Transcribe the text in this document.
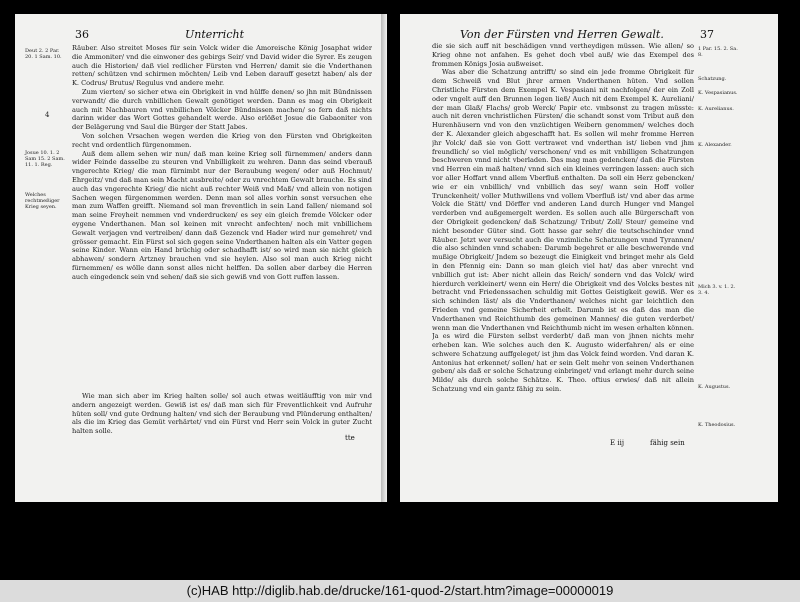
36	Unterricht
Deut 2. 2 Par. 20. 1 Sam. 10.
4
Josue 10. 1. 2 Sam 15. 2 Sam. 11. 1. Reg.
Welches rechtmeßiger Krieg seyen.

Räuber. Also streitet Moses für sein Volck wider die Amoreische König Josaphat wider die Ammoniter/ vnd die einwoner des gebirgs Seir/ vnd David wider die Syrer. Es zeugen auch die Historien/ daß viel redlicher Fürsten vnd Herren/ damit sie die Vnderthanen retten/ schützen vnd schirmen möchten/ Leib vnd Leben darauff gesetzt haben/ als der K. Codrus/ Brutus/ Regulus vnd andere mehr.

Zum vierten/ so sicher etwa ein Obrigkeit in vnd hülffe denen/ so jhn mit Bündnissen verwandt/ die durch vnbillichen Gewalt genötiget werden. Dann es mag ein Obrigkeit auch mit Nachbauren vnd vnbillichen Völcker Bündnissen machen/ so fern daß nichts darinn wider das Wort Gottes gehandelt werde. Also erlößet Josue die Gabaoniter von der Belägerung vnd Saul die Bürger der Statt Jabes.

Von solchen Vrsachen wegen werden die Krieg von den Fürsten vnd Obrigkeiten recht vnd ordentlich fürgenommen.

Auß dem allem sehen wir nun/ daß man keine Krieg soll fürnemmen/ anders dann wider Feinde dasselbe zu steuren vnd Vnbilligkeit zu wehren. Dann das seind vberauß vngerechte Krieg/ die man fürnimbt nur der Beraubung wegen/ oder auß Hochmut/ Ehrgeitz/ vnd daß man sein Macht ausbreite/ oder zu vnrechtem Gewalt brauche. Es sind auch das vngerechte Krieg/ die nicht auß rechter Weiß vnd Maß/ vnd allein von notigen Sachen wegen fürgenommen werden. Denn man sol alles vorhin sonst versuchen ehe man zum Waffen greifft. Niemand sol man freventlich in sein Land fallen/ niemand sol man seine Freyheit nemmen vnd vnderdrucken/ es sey ein gleich fremde Völcker oder eygene Vnderthanen. Man sol keinen mit vnrecht anfechten/ noch mit vnbillichem Gewalt verjagen vnd vertreiben/ dann daß Gezenck vnd Hader wird nur gemehret/ vnd grösser gemacht. Ein Fürst sol sich gegen seine Vnderthanen halten als ein Vatter gegen seine Kinder. Wann ein Hand brüchig oder schadhafft ist/ so wird man sie nicht gleich abhawen/ sondern Artzney brauchen vnd sie heylen. Also sol man auch Krieg nicht fürnemmen/ es wölle dann sonst alles nicht helffen. Da sollen aber darbey die Herren auch eingedenck sein vnd sehen/ daß sie sich gewiß vnd von Gott ruffen lassen.

Wie man sich aber im Krieg halten solle/ sol auch etwas weitläufftig von mir vnd andern angezeigt werden. Gewiß ist es/ daß man sich für Freventlichkeit vnd Aufruhr hüten soll/ vnd gute Ordnung halten/ vnd sich der Beraubung vnd Plünderung enthalten/ als die im Krieg das Gemüt verhärtet/ vnd ein Fürst vnd Herr sein Volck in guter Zucht halten solle.

tte
Von der Fürsten vnd Herren Gewalt.	37

die sie sich auff nit beschädigen vnnd vertheydigen müssen. Wie allen/ so Krieg ohne not anfahen. Es gehet doch vbel auß/ wie das Exempel des frommen Königs Josia außweiset.

Was aber die Schatzung antrifft/ so sind ein jede fromme Obrigkeit für dem Schweiß vnd Blut jhrer armen Vnderthanen hüten. Vnd sollen Christliche Fürsten dem Exempel K. Vespasiani nit nachfolgen/ der ein Zoll oder vngelt auff den Brunnen legen ließ/ Auch nit dem Exempel K. Aureliani/ der man Glaß/ Flachs/ grob Werck/ Papir etc. vmbsonst zu tragen müsste: auch nit deren vnchristlichen Fürsten/ die schandt sonst vom Tribut auß den Hurenhäusern vnd von den vnzüchtigen Weibern genommen/ welches doch der K. Alexander gleich abgeschafft hat. Es sollen wil mehr fromme Herren jhr Volck/ daß sie von Gott vertrawet vnd vnderthan ist/ lieben vnd jhm freundlich/ so viel möglich/ verschonen/ vnd es mit vnbilligen Schatzungen beschweren vnnd nicht vberladen. Das mag man gedencken/ daß die Fürsten vnd Herren ein maß halten/ vnnd sich ein kleines verringen lassen: auch sich vor aller Hoffart vnnd allem Vberfluß enthalten. Da soll ein Herz gebencken/ wie er ein vnbillich/ vnd vnbillich das sey/ wann sein Hoff voller Trunckenheit/ voller Muthwillens vnd vollem Vberfluß ist/ vnd aber das arme Volck die Stätt/ vnd Dörffer vnd anderen Land durch Hunger vnd Mangel verderben vnd außgemergelt werden. Es sollen auch alle Bürgerschaft von der Obrigkeit gedencken/ daß Schatzung/ Tribut/ Zoll/ Steur/ gemeine vnd nicht besonder Güter sind. Gott hasse gar sehr/ die teutschschinder vnnd Räuber. Jetzt wer versucht auch die vnzimliche Schatzungen vnnd Tyrannen/ die also schinden vnnd schaben: Darumb begehret er alle beschwerende vnd mußige Obrigkeit/ Jndem so bezeugt die Einigkeit vnd bringet mehr als Geld in den Pfennig ein: Dann so man gleich viel hat/ das aber vnrecht vnd vnbillich gut ist: Aber nicht allein das Reich/ sondern vnd das Volck/ wird hierdurch verkleinert/ wenn ein Herr/ die Obrigkeit vnd des Volcks bestes nit betracht vnd Friedenssachen schuldig mit Gottes Geistigkeit gewiß. Wer es sich schinden läst/ als die Vnderthanen/ welches nicht gar leichtlich den Frieden vnd gemeine Sicherheit erhelt. Darumb ist es daß das man die Vnderthanen vnd Reichthumb des gemeinen Mannes/ die guten verderbet/ wenn man die Vnderthanen vnd Reichthumb nicht im wesen erhalten können. Ja es wird die Fürsten selbst verderbt/ daß man von jhnen nichts mehr erheben kan. Wie solches auch den K. Augusto widerfahren/ als er eine schwere Schatzung auffgeleget/ ist jhm das Volck feind worden. Vnd daran K. Antonius hat erkennet/ sollen/ hat er sein Gelt mehr von seinen Vnderthanen geben/ als daß er solche Schatzung einbringet/ vnd erlangt mehr durch seine Milde/ als durch solche Schätze. K. Theo. oftius erwies/ daß nit allein Schatzung vnd ein gantz fähig zu sein.

1 Par. 15. 2. Sa. 8.
Schatzung.
K. Vespasianus.
K. Aurelianus.
K. Alexander.
Mich 3. v. 1. 2. 3. 4.
K. Augustus.
K. Theodosius.
E iij	fähig sein
(c)HAB http://diglib.hab.de/drucke/161-quod-2/start.htm?image=00000019
